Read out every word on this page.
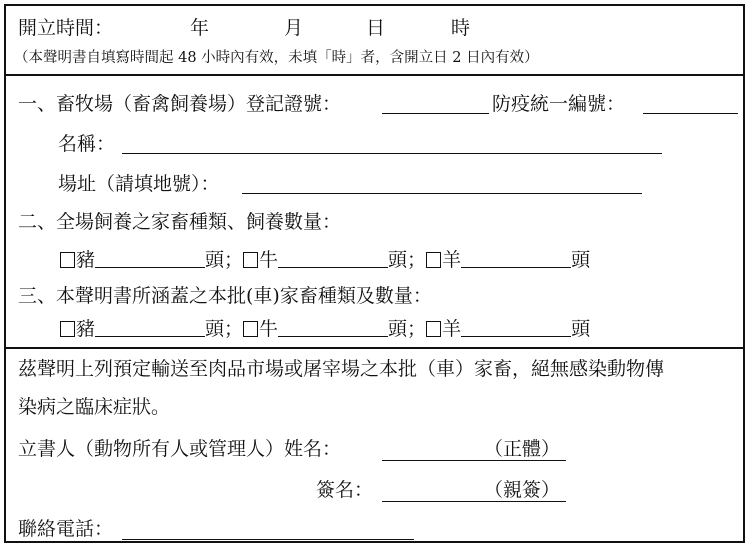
開立時間：	年	月	日	時
（本聲明書自填寫時間起 48 小時內有效，未填「時」者，含開立日 2 日內有效）
一、畜牧場（畜禽飼養場）登記證號：	防疫統一編號：
名稱：
場址（請填地號）：
二、全場飼養之家畜種類、飼養數量：
豬	頭； 牛	頭； 羊	頭
三、本聲明書所涵蓋之本批(車)家畜種類及數量：
豬	頭； 牛	頭； 羊	頭
茲聲明上列預定輸送至肉品市場或屠宰場之本批（車）家畜，絕無感染動物傳
染病之臨床症狀。
立書人（動物所有人或管理人）姓名：	（正體）
簽名：	（親簽）
聯絡電話：
